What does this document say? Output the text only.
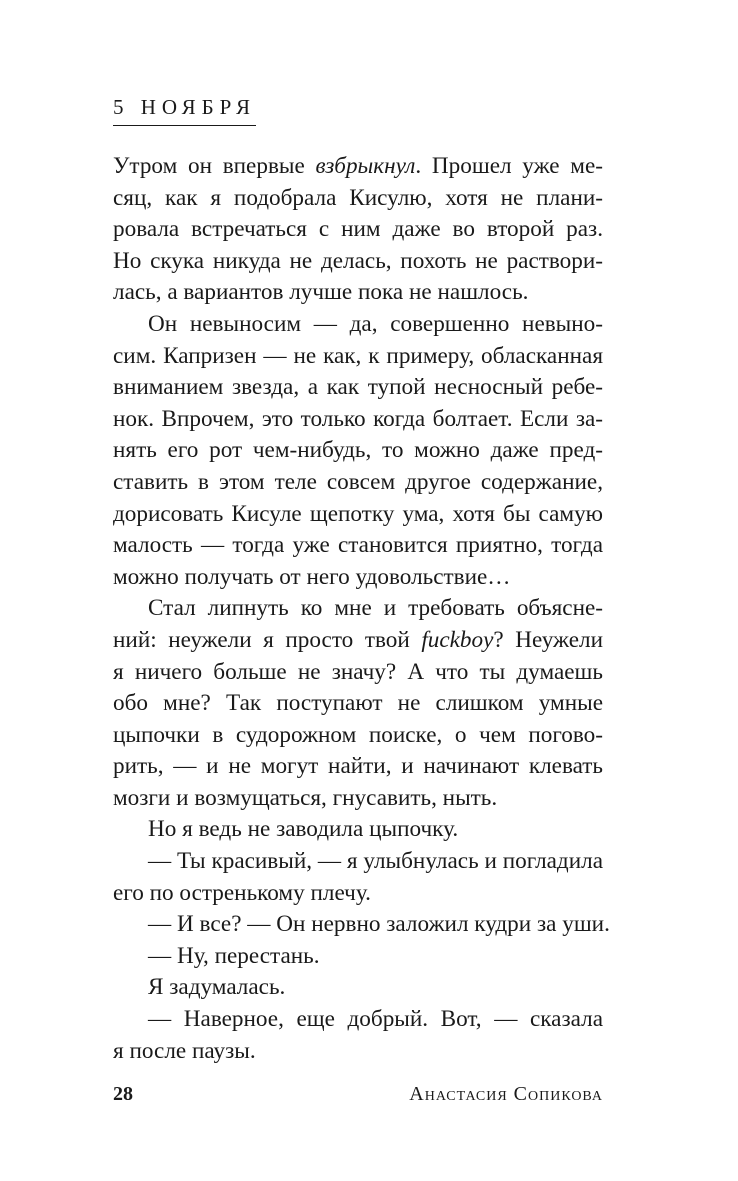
5 НОЯБРЯ
Утром он впервые взбрыкнул. Прошел уже ме-
сяц, как я подобрала Кисулю, хотя не плани-
ровала встречаться с ним даже во второй раз.
Но скука никуда не делась, похоть не раствори-
лась, а вариантов лучше пока не нашлось.
Он невыносим — да, совершенно невыно-
сим. Капризен — не как, к примеру, обласканная
вниманием звезда, а как тупой несносный ребе-
нок. Впрочем, это только когда болтает. Если за-
нять его рот чем-нибудь, то можно даже пред-
ставить в этом теле совсем другое содержание,
дорисовать Кисуле щепотку ума, хотя бы самую
малость — тогда уже становится приятно, тогда
можно получать от него удовольствие…
Стал липнуть ко мне и требовать объясне-
ний: неужели я просто твой fuckboy? Неужели
я ничего больше не значу? А что ты думаешь
обо мне? Так поступают не слишком умные
цыпочки в судорожном поиске, о чем погово-
рить, — и не могут найти, и начинают клевать
мозги и возмущаться, гнусавить, ныть.
Но я ведь не заводила цыпочку.
— Ты красивый, — я улыбнулась и погладила
его по остренькому плечу.
— И все? — Он нервно заложил кудри за уши.
— Ну, перестань.
Я задумалась.
— Наверное, еще добрый. Вот, — сказала
я после паузы.
28	Анастасия Сопикова
